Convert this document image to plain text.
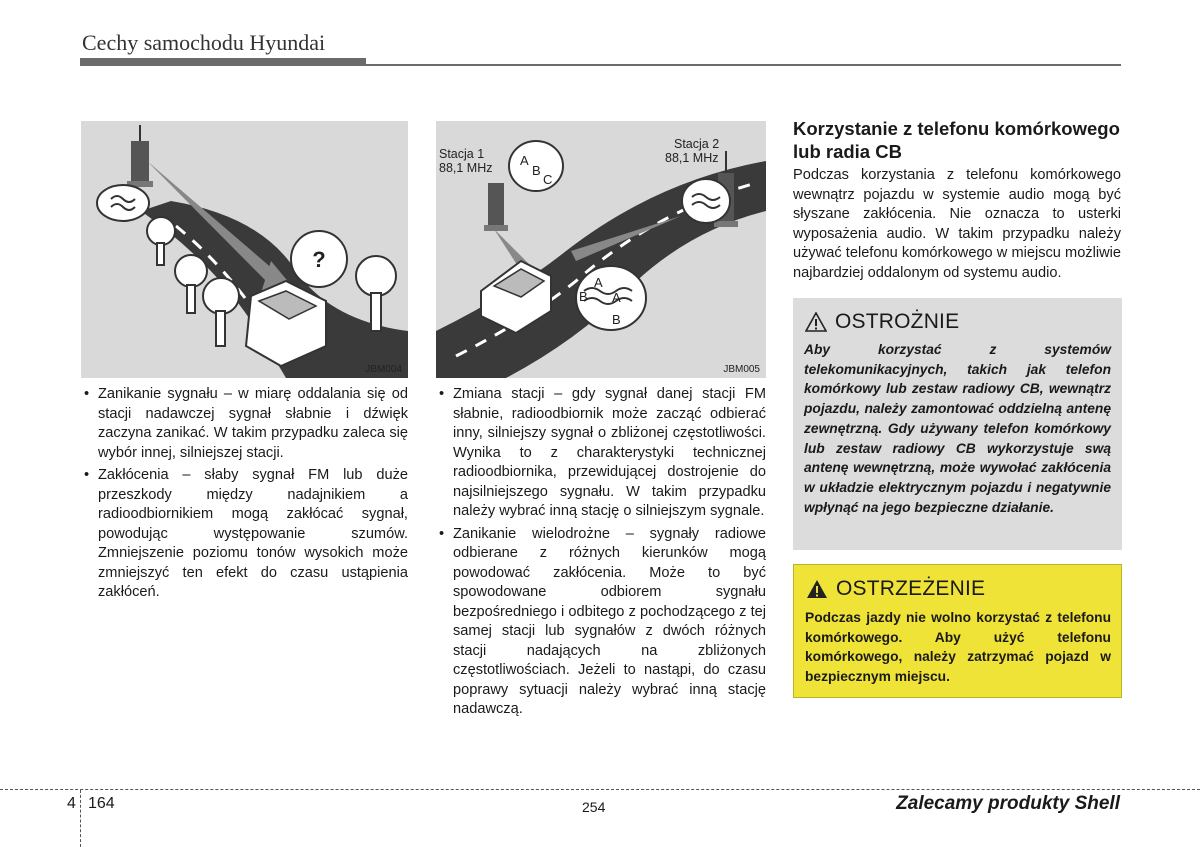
Cechy samochodu Hyundai
?
JBM004
Stacja 1
88,1 MHz
Stacja 2
88,1 MHz
A
B
C
A
B A
B
JBM005
• Zanikanie sygnału – w miarę oddalania się od stacji nadawczej sygnał słabnie i dźwięk zaczyna zanikać. W takim przypadku zaleca się wybór innej, silniejszej stacji.
• Zakłócenia – słaby sygnał FM lub duże przeszkody między nadajnikiem a radioodbiornikiem mogą zakłócać sygnał, powodując występowanie szumów. Zmniejszenie poziomu tonów wysokich może zmniejszyć ten efekt do czasu ustąpienia zakłóceń.
• Zmiana stacji – gdy sygnał danej stacji FM słabnie, radioodbiornik może zacząć odbierać inny, silniejszy sygnał o zbliżonej częstotliwości. Wynika to z charakterystyki technicznej radioodbiornika, przewidującej dostrojenie do najsilniejszego sygnału. W takim przypadku należy wybrać inną stację o silniejszym sygnale.
• Zanikanie wielodrożne – sygnały radiowe odbierane z różnych kierunków mogą powodować zakłócenia. Może to być spowodowane odbiorem sygnału bezpośredniego i odbitego z pochodzącego z tej samej stacji lub sygnałów z dwóch różnych stacji nadających na zbliżonych częstotliwościach. Jeżeli to nastąpi, do czasu poprawy sytuacji należy wybrać inną stację nadawczą.
Korzystanie z telefonu komórkowego lub radia CB
Podczas korzystania z telefonu komórkowego wewnątrz pojazdu w systemie audio mogą być słyszane zakłócenia. Nie oznacza to usterki wyposażenia audio. W takim przypadku należy używać telefonu komórkowego w miejscu możliwie najbardziej oddalonym od systemu audio.
OSTROŻNIE
Aby korzystać z systemów telekomunikacyjnych, takich jak telefon komórkowy lub zestaw radiowy CB, wewnątrz pojazdu, należy zamontować oddzielną antenę zewnętrzną. Gdy używany telefon komórkowy lub zestaw radiowy CB wykorzystuje swą antenę wewnętrzną, może wywołać zakłócenia w układzie elektrycznym pojazdu i negatywnie wpłynąć na jego bezpieczne działanie.
OSTRZEŻENIE
Podczas jazdy nie wolno korzystać z telefonu komórkowego. Aby użyć telefonu komórkowego, należy zatrzymać pojazd w bezpiecznym miejscu.
4 164	254	Zalecamy produkty Shell
